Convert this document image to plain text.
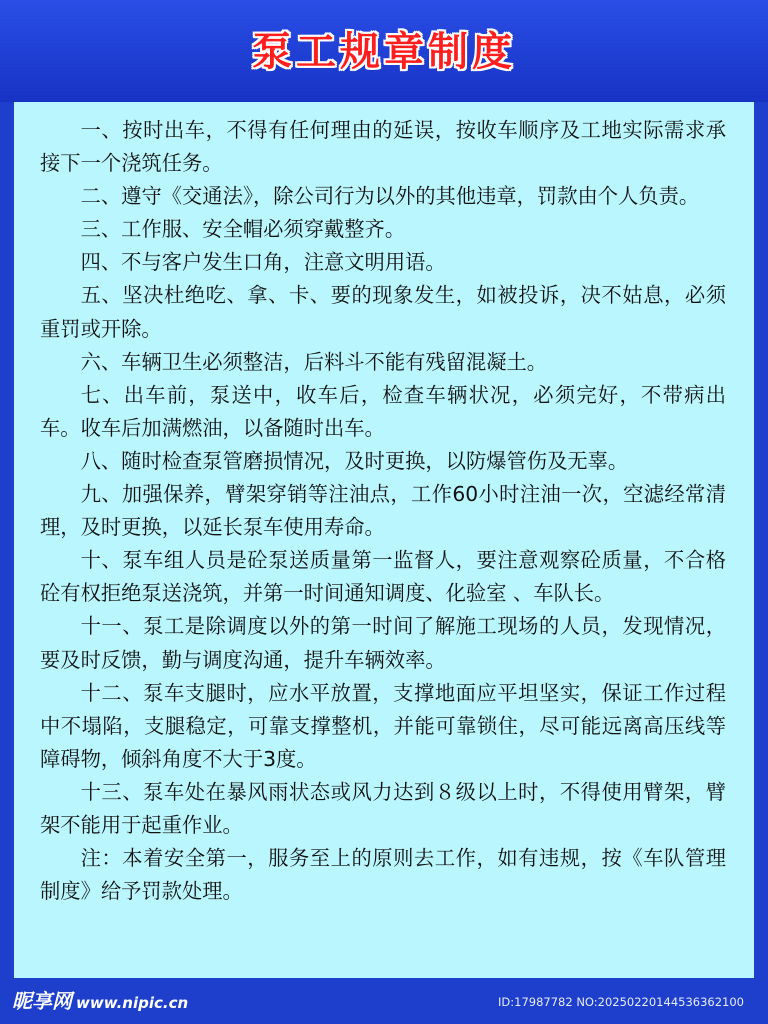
泵工规章制度

一、按时出车，不得有任何理由的延误，按收车顺序及工地实际需求承接下一个浇筑任务。

二、遵守《交通法》，除公司行为以外的其他违章，罚款由个人负责。

三、工作服、安全帽必须穿戴整齐。

四、不与客户发生口角，注意文明用语。

五、坚决杜绝吃、拿、卡、要的现象发生，如被投诉，决不姑息，必须重罚或开除。

六、车辆卫生必须整洁，后料斗不能有残留混凝土。

七、出车前，泵送中，收车后，检查车辆状况，必须完好，不带病出车。收车后加满燃油，以备随时出车。

八、随时检查泵管磨损情况，及时更换，以防爆管伤及无辜。

九、加强保养，臂架穿销等注油点，工作60小时注油一次，空滤经常清理，及时更换，以延长泵车使用寿命。

十、泵车组人员是砼泵送质量第一监督人，要注意观察砼质量，不合格砼有权拒绝泵送浇筑，并第一时间通知调度、化验室 、车队长。

十一、泵工是除调度以外的第一时间了解施工现场的人员，发现情况，要及时反馈，勤与调度沟通，提升车辆效率。

十二、泵车支腿时，应水平放置，支撑地面应平坦坚实，保证工作过程中不塌陷，支腿稳定，可靠支撑整机，并能可靠锁住，尽可能远离高压线等障碍物，倾斜角度不大于3度。

十三、泵车处在暴风雨状态或风力达到８级以上时，不得使用臂架，臂架不能用于起重作业。

注：本着安全第一，服务至上的原则去工作，如有违规，按《车队管理制度》给予罚款处理。

昵享网 www.nipic.cn	ID:17987782 NO:20250220144536362100
